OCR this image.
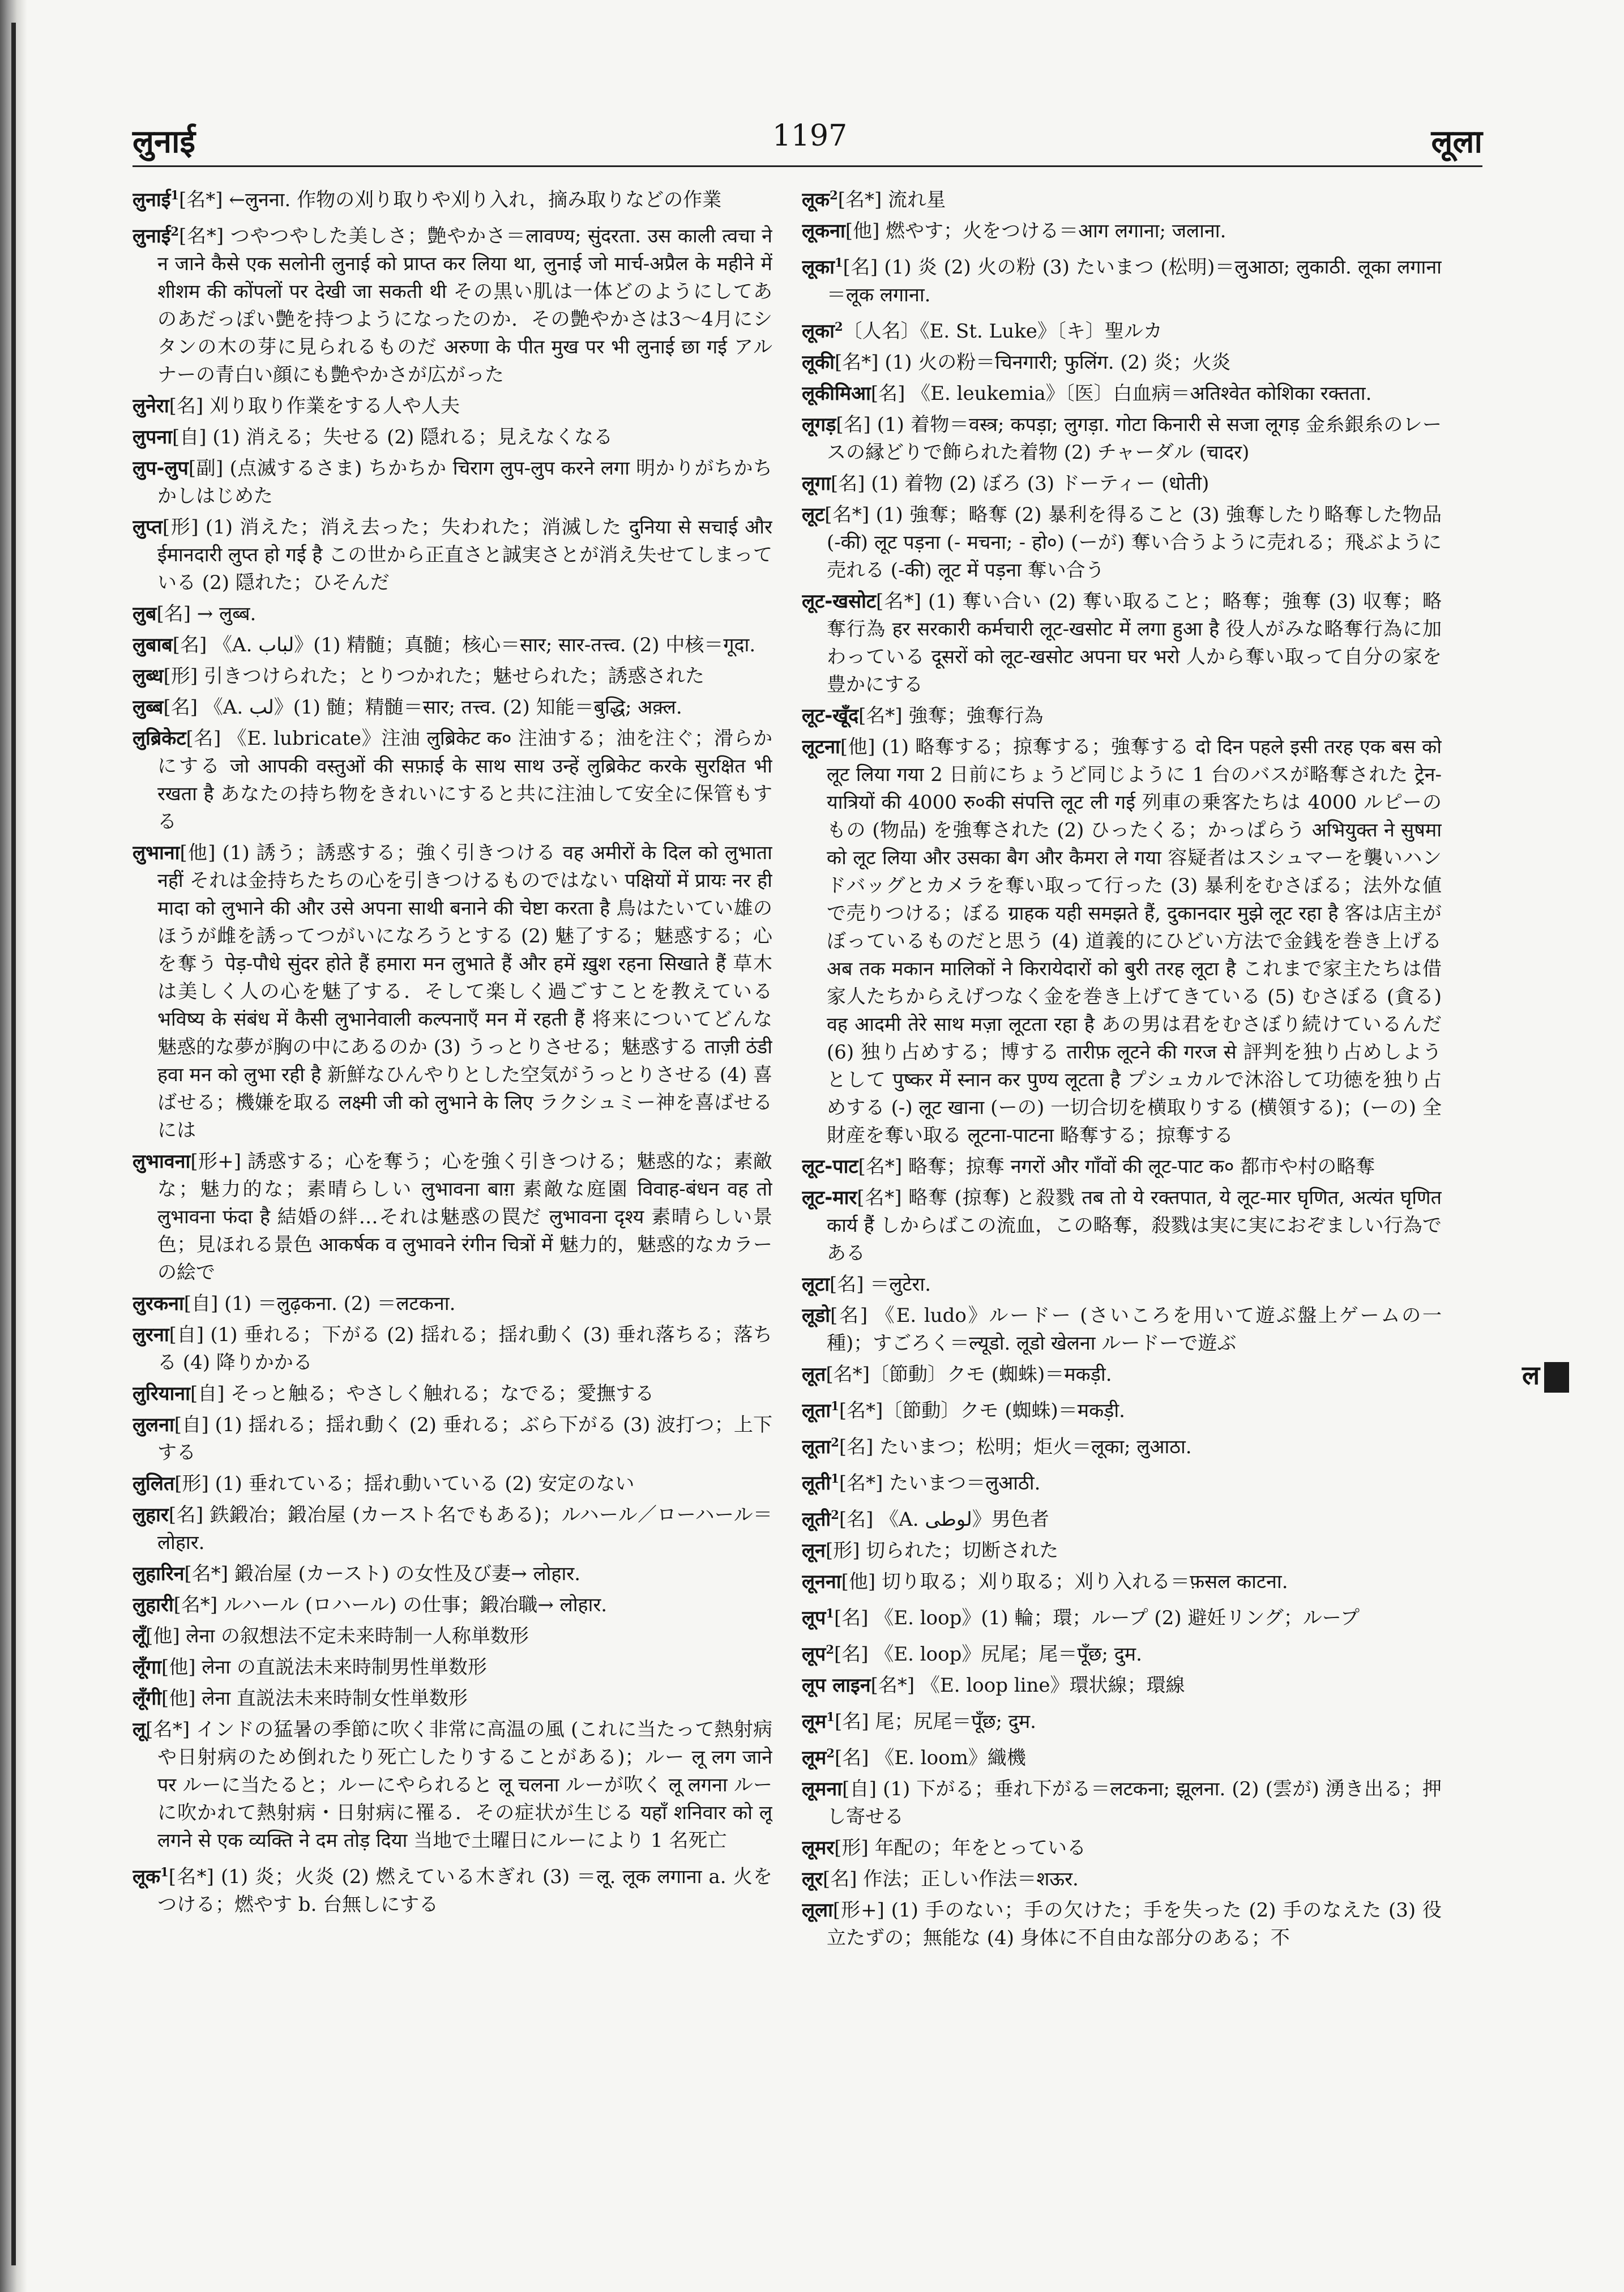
लुनाई	1197	लूला

लुनाई$^1$[名*] ←लुनना. 作物の刈り取りや刈り入れ，摘み取りなどの作業

लुनाई$^2$[名*] つやつやした美しさ；艶やかさ＝लावण्य; सुंदरता. उस काली त्वचा ने न जाने कैसे एक सलोनी लुनाई को प्राप्त कर लिया था, लुनाई जो मार्च-अप्रैल के महीने में शीशम की कोंपलों पर देखी जा सकती थी その黒い肌は一体どのようにしてあのあだっぽい艶を持つようになったのか．その艶やかさは3〜4月にシタンの木の芽に見られるものだ अरुणा के पीत मुख पर भी लुनाई छा गई アルナーの青白い顔にも艶やかさが広がった

लुनेरा[名] 刈り取り作業をする人や人夫

लुपना[自] (1) 消える；失せる (2) 隠れる；見えなくなる

लुप-लुप[副] (点滅するさま) ちかちか चिराग लुप-लुप करने लगा 明かりがちかちかしはじめた

लुप्त[形] (1) 消えた；消え去った；失われた；消滅した दुनिया से सचाई और ईमानदारी लुप्त हो गई है この世から正直さと誠実さとが消え失せてしまっている (2) 隠れた；ひそんだ

लुब[名] → लुब्ब.

लुबाब[名] 《A. لباب》(1) 精髄；真髄；核心＝सार; सार-तत्त्व. (2) 中核＝गूदा.

लुब्ध[形] 引きつけられた；とりつかれた；魅せられた；誘惑された

लुब्ब[名] 《A. لب》(1) 髄；精髄＝सार; तत्त्व. (2) 知能＝बुद्धि; अक़्ल.

लुब्रिकेट[名] 《E. lubricate》注油 लुब्रिकेट क० 注油する；油を注ぐ；滑らかにする जो आपकी वस्तुओं की सफ़ाई के साथ साथ उन्हें लुब्रिकेट करके सुरक्षित भी रखता है あなたの持ち物をきれいにすると共に注油して安全に保管もする

लुभाना[他] (1) 誘う；誘惑する；強く引きつける वह अमीरों के दिल को लुभाता नहीं それは金持ちたちの心を引きつけるものではない पक्षियों में प्रायः नर ही मादा को लुभाने की और उसे अपना साथी बनाने की चेष्टा करता है 鳥はたいてい雄のほうが雌を誘ってつがいになろうとする (2) 魅了する；魅惑する；心を奪う पेड़-पौधे सुंदर होते हैं हमारा मन लुभाते हैं और हमें ख़ुश रहना सिखाते हैं 草木は美しく人の心を魅了する．そして楽しく過ごすことを教えている भविष्य के संबंध में कैसी लुभानेवाली कल्पनाएँ मन में रहती हैं 将来についてどんな魅惑的な夢が胸の中にあるのか (3) うっとりさせる；魅惑する ताज़ी ठंडी हवा मन को लुभा रही है 新鮮なひんやりとした空気がうっとりさせる (4) 喜ばせる；機嫌を取る लक्ष्मी जी को लुभाने के लिए ラクシュミー神を喜ばせるには

लुभावना[形+] 誘惑する；心を奪う；心を強く引きつける；魅惑的な；素敵な；魅力的な；素晴らしい लुभावना बाग़ 素敵な庭園 विवाह-बंधन वह तो लुभावना फंदा है 結婚の絆…それは魅惑の罠だ लुभावना दृश्य 素晴らしい景色；見ほれる景色 आकर्षक व लुभावने रंगीन चित्रों में 魅力的，魅惑的なカラーの絵で

लुरकना[自] (1) ＝लुढ़कना. (2) ＝लटकना.

लुरना[自] (1) 垂れる；下がる (2) 揺れる；揺れ動く (3) 垂れ落ちる；落ちる (4) 降りかかる

लुरियाना[自] そっと触る；やさしく触れる；なでる；愛撫する

लुलना[自] (1) 揺れる；揺れ動く (2) 垂れる；ぶら下がる (3) 波打つ；上下する

लुलित[形] (1) 垂れている；揺れ動いている (2) 安定のない

लुहार[名] 鉄鍛冶；鍛冶屋 (カースト名でもある)；ルハール／ローハール＝लोहार.

लुहारिन[名*] 鍛冶屋 (カースト) の女性及び妻→ लोहार.

लुहारी[名*] ルハール (ロハール) の仕事；鍛冶職→ लोहार.

लूँ[他] लेना の叙想法不定未来時制一人称単数形

लूँगा[他] लेना の直説法未来時制男性単数形

लूँगी[他] लेना 直説法未来時制女性単数形

लू[名*] インドの猛暑の季節に吹く非常に高温の風 (これに当たって熱射病や日射病のため倒れたり死亡したりすることがある)；ルー लू लग जाने पर ルーに当たると；ルーにやられると लू चलना ルーが吹く लू लगना ルーに吹かれて熱射病・日射病に罹る．その症状が生じる यहाँ शनिवार को लू लगने से एक व्यक्ति ने दम तोड़ दिया 当地で土曜日にルーにより 1 名死亡

लूक$^1$[名*] (1) 炎；火炎 (2) 燃えている木ぎれ (3) ＝लू. लूक लगाना a. 火をつける；燃やす b. 台無しにする

लूक$^2$[名*] 流れ星

लूकना[他] 燃やす；火をつける＝आग लगाना; जलाना.

लूका$^1$[名] (1) 炎 (2) 火の粉 (3) たいまつ (松明)＝लुआठा; लुकाठी. लूका लगाना ＝लूक लगाना.

लूका$^2$〔人名〕《E. St. Luke》〔キ〕聖ルカ

लूकी[名*] (1) 火の粉＝चिनगारी; फुलिंग. (2) 炎；火炎

लूकीमिआ[名] 《E. leukemia》〔医〕白血病＝अतिश्वेत कोशिका रक्तता.

लूगड़[名] (1) 着物＝वस्त्र; कपड़ा; लुगड़ा. गोटा किनारी से सजा लूगड़ 金糸銀糸のレースの縁どりで飾られた着物 (2) チャーダル (चादर)

लूगा[名] (1) 着物 (2) ぼろ (3) ドーティー (धोती)

लूट[名*] (1) 強奪；略奪 (2) 暴利を得ること (3) 強奪したり略奪した物品 (-की) लूट पड़ना (- मचना; - हो०) (ーが) 奪い合うように売れる；飛ぶように売れる (-की) लूट में पड़ना 奪い合う

लूट-खसोट[名*] (1) 奪い合い (2) 奪い取ること；略奪；強奪 (3) 収奪；略奪行為 हर सरकारी कर्मचारी लूट-खसोट में लगा हुआ है 役人がみな略奪行為に加わっている दूसरों को लूट-खसोट अपना घर भरो 人から奪い取って自分の家を豊かにする

लूट-खूँद[名*] 強奪；強奪行為

लूटना[他] (1) 略奪する；掠奪する；強奪する दो दिन पहले इसी तरह एक बस को लूट लिया गया 2 日前にちょうど同じように 1 台のバスが略奪された ट्रेन-यात्रियों की 4000 रु०की संपत्ति लूट ली गई 列車の乗客たちは 4000 ルピーのもの (物品) を強奪された (2) ひったくる；かっぱらう अभियुक्त ने सुषमा को लूट लिया और उसका बैग और कैमरा ले गया 容疑者はスシュマーを襲いハンドバッグとカメラを奪い取って行った (3) 暴利をむさぼる；法外な値で売りつける；ぼる ग्राहक यही समझते हैं, दुकानदार मुझे लूट रहा है 客は店主がぼっているものだと思う (4) 道義的にひどい方法で金銭を巻き上げる अब तक मकान मालिकों ने किरायेदारों को बुरी तरह लूटा है これまで家主たちは借家人たちからえげつなく金を巻き上げてきている (5) むさぼる (貪る) वह आदमी तेरे साथ मज़ा लूटता रहा है あの男は君をむさぼり続けているんだ (6) 独り占めする；博する तारीफ़ लूटने की गरज से 評判を独り占めしようとして पुष्कर में स्नान कर पुण्य लूटता है プシュカルで沐浴して功徳を独り占めする (-) लूट खाना (ーの) 一切合切を横取りする (横領する)；(ーの) 全財産を奪い取る लूटना-पाटना 略奪する；掠奪する

लूट-पाट[名*] 略奪；掠奪 नगरों और गाँवों की लूट-पाट क० 都市や村の略奪

लूट-मार[名*] 略奪 (掠奪) と殺戮 तब तो ये रक्तपात, ये लूट-मार घृणित, अत्यंत घृणित कार्य हैं しからばこの流血，この略奪，殺戮は実に実におぞましい行為である

लूटा[名] ＝लुटेरा.

लूडो[名] 《E. ludo》ルードー (さいころを用いて遊ぶ盤上ゲームの一種)；すごろく＝ल्यूडो. लूडो खेलना ルードーで遊ぶ

लूत[名*]〔節動〕クモ (蜘蛛)＝मकड़ी.

लूता$^1$[名*]〔節動〕クモ (蜘蛛)＝मकड़ी.

लूता$^2$[名] たいまつ；松明；炬火＝लूका; लुआठा.

लूती$^1$[名*] たいまつ＝लुआठी.

लूती$^2$[名] 《A. لوطی》男色者

लून[形] 切られた；切断された

लूनना[他] 切り取る；刈り取る；刈り入れる＝फ़सल काटना.

लूप$^1$[名] 《E. loop》(1) 輪；環；ループ (2) 避妊リング；ループ

लूप$^2$[名] 《E. loop》尻尾；尾＝पूँछ; दुम.

लूप लाइन[名*] 《E. loop line》環状線；環線

लूम$^1$[名] 尾；尻尾＝पूँछ; दुम.

लूम$^2$[名] 《E. loom》織機

लूमना[自] (1) 下がる；垂れ下がる＝लटकना; झूलना. (2) (雲が) 湧き出る；押し寄せる

लूमर[形] 年配の；年をとっている

लूर[名] 作法；正しい作法＝शऊर.

लूला[形+] (1) 手のない；手の欠けた；手を失った (2) 手のなえた (3) 役立たずの；無能な (4) 身体に不自由な部分のある；不

ल
